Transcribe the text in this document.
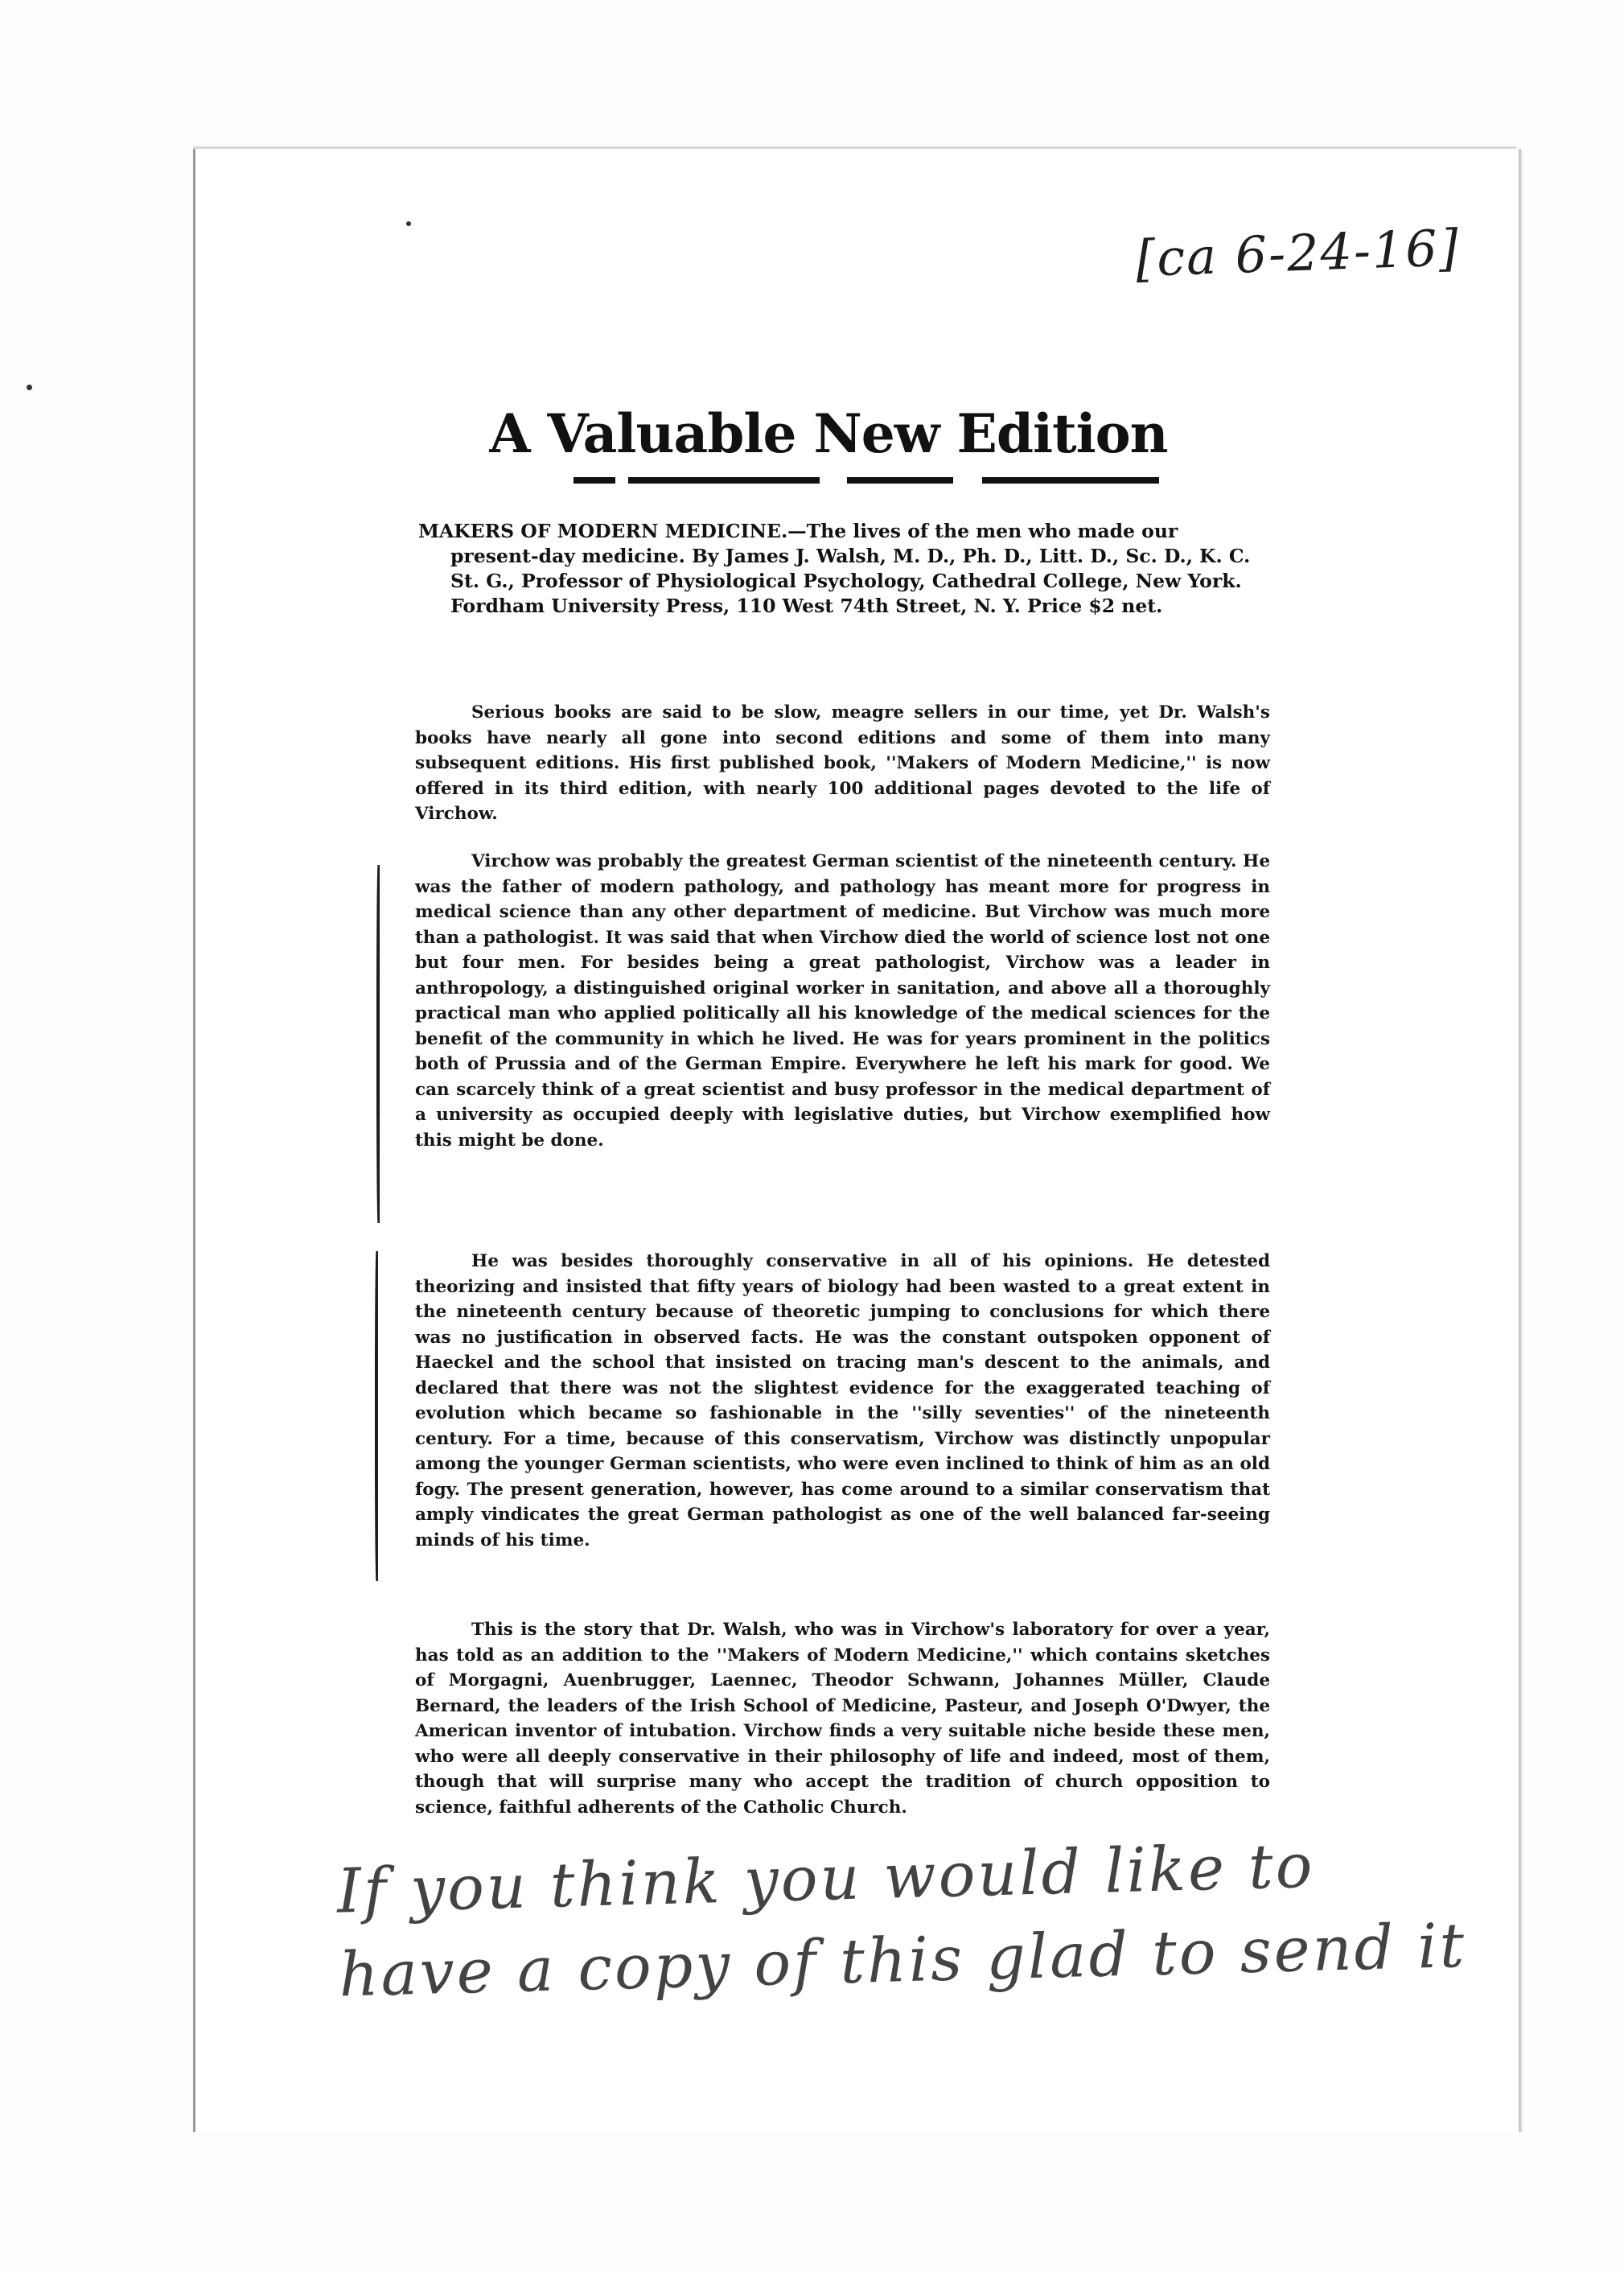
[ca 6-24-16]
A Valuable New Edition
MAKERS OF MODERN MEDICINE.—The lives of the men who made our present-day medicine. By James J. Walsh, M. D., Ph. D., Litt. D., Sc. D., K. C. St. G., Professor of Physiological Psychology, Cathedral College, New York. Fordham University Press, 110 West 74th Street, N. Y. Price $2 net.

Serious books are said to be slow, meagre sellers in our time, yet Dr. Walsh's books have nearly all gone into second editions and some of them into many subsequent editions. His first published book, ''Makers of Modern Medicine,'' is now offered in its third edition, with nearly 100 additional pages devoted to the life of Virchow.

Virchow was probably the greatest German scientist of the nineteenth century. He was the father of modern pathology, and pathology has meant more for progress in medical science than any other department of medicine. But Virchow was much more than a pathologist. It was said that when Virchow died the world of science lost not one but four men. For besides being a great pathologist, Virchow was a leader in anthropology, a distinguished original worker in sanitation, and above all a thoroughly practical man who applied politically all his knowledge of the medical sciences for the benefit of the community in which he lived. He was for years prominent in the politics both of Prussia and of the German Empire. Everywhere he left his mark for good. We can scarcely think of a great scientist and busy professor in the medical department of a university as occupied deeply with legislative duties, but Virchow exemplified how this might be done.

He was besides thoroughly conservative in all of his opinions. He detested theorizing and insisted that fifty years of biology had been wasted to a great extent in the nineteenth century because of theoretic jumping to conclusions for which there was no justification in observed facts. He was the constant outspoken opponent of Haeckel and the school that insisted on tracing man's descent to the animals, and declared that there was not the slightest evidence for the exaggerated teaching of evolution which became so fashionable in the ''silly seventies'' of the nineteenth century. For a time, because of this conservatism, Virchow was distinctly unpopular among the younger German scientists, who were even inclined to think of him as an old fogy. The present generation, however, has come around to a similar conservatism that amply vindicates the great German pathologist as one of the well balanced far-seeing minds of his time.

This is the story that Dr. Walsh, who was in Virchow's laboratory for over a year, has told as an addition to the ''Makers of Modern Medicine,'' which contains sketches of Morgagni, Auenbrugger, Laennec, Theodor Schwann, Johannes Müller, Claude Bernard, the leaders of the Irish School of Medicine, Pasteur, and Joseph O'Dwyer, the American inventor of intubation. Virchow finds a very suitable niche beside these men, who were all deeply conservative in their philosophy of life and indeed, most of them, though that will surprise many who accept the tradition of church opposition to science, faithful adherents of the Catholic Church.

If you think you would like to have a copy of this glad to send it
